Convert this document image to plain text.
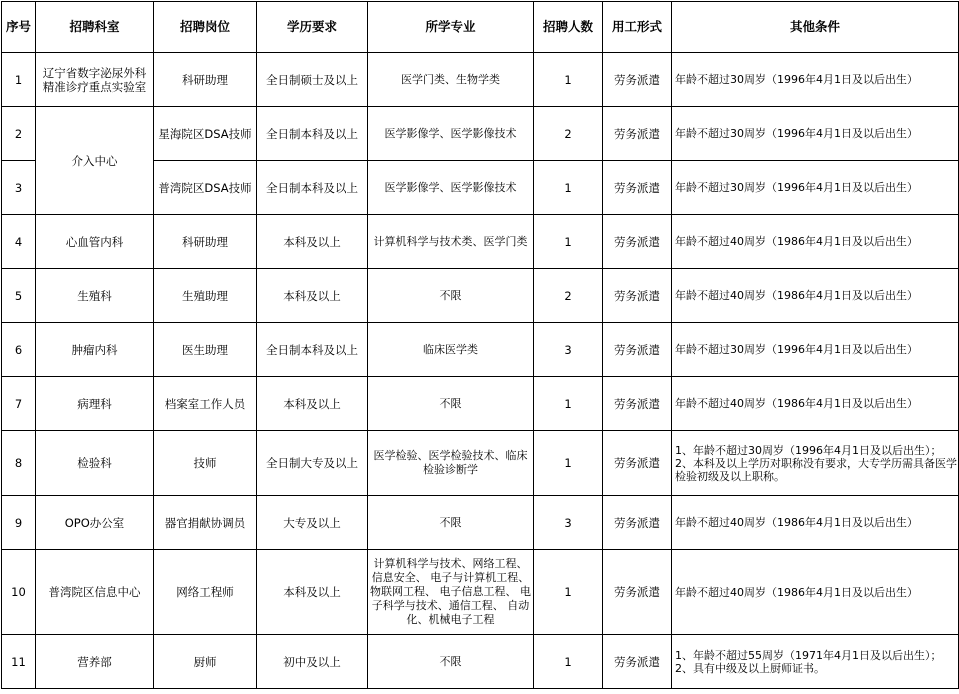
序号	招聘科室	招聘岗位	学历要求	所学专业	招聘人数	用工形式	其他条件
1	辽宁省数字泌尿外科精准诊疗重点实验室	科研助理	全日制硕士及以上	医学门类、生物学类	1	劳务派遣	年龄不超过30周岁（1996年4月1日及以后出生）

2	介入中心	星海院区DSA技师	全日制本科及以上	医学影像学、医学影像技术	2	劳务派遣	年龄不超过30周岁（1996年4月1日及以后出生）

3		普湾院区DSA技师	全日制本科及以上	医学影像学、医学影像技术	1	劳务派遣	年龄不超过30周岁（1996年4月1日及以后出生）

4	心血管内科	科研助理	本科及以上	计算机科学与技术类、医学门类	1	劳务派遣	年龄不超过40周岁（1986年4月1日及以后出生）

5	生殖科	生殖助理	本科及以上	不限	2	劳务派遣	年龄不超过40周岁（1986年4月1日及以后出生）

6	肿瘤内科	医生助理	全日制本科及以上	临床医学类	3	劳务派遣	年龄不超过30周岁（1996年4月1日及以后出生）

7	病理科	档案室工作人员	本科及以上	不限	1	劳务派遣	年龄不超过40周岁（1986年4月1日及以后出生）

8	检验科	技师	全日制大专及以上	医学检验、医学检验技术、临床检验诊断学	1	劳务派遣	1、年龄不超过30周岁（1996年4月1日及以后出生）；
2、本科及以上学历对职称没有要求，大专学历需具备医学检验初级及以上职称。

9	OPO办公室	器官捐献协调员	大专及以上	不限	3	劳务派遣	年龄不超过40周岁（1986年4月1日及以后出生）

10	普湾院区信息中心	网络工程师	本科及以上	计算机科学与技术、网络工程、信息安全、 电子与计算机工程、物联网工程、 电子信息工程、 电子科学与技术、通信工程、 自动化、机械电子工程	1	劳务派遣	年龄不超过40周岁（1986年4月1日及以后出生）

11	营养部	厨师	初中及以上	不限	1	劳务派遣	1、年龄不超过55周岁（1971年4月1日及以后出生）；
2、具有中级及以上厨师证书。
